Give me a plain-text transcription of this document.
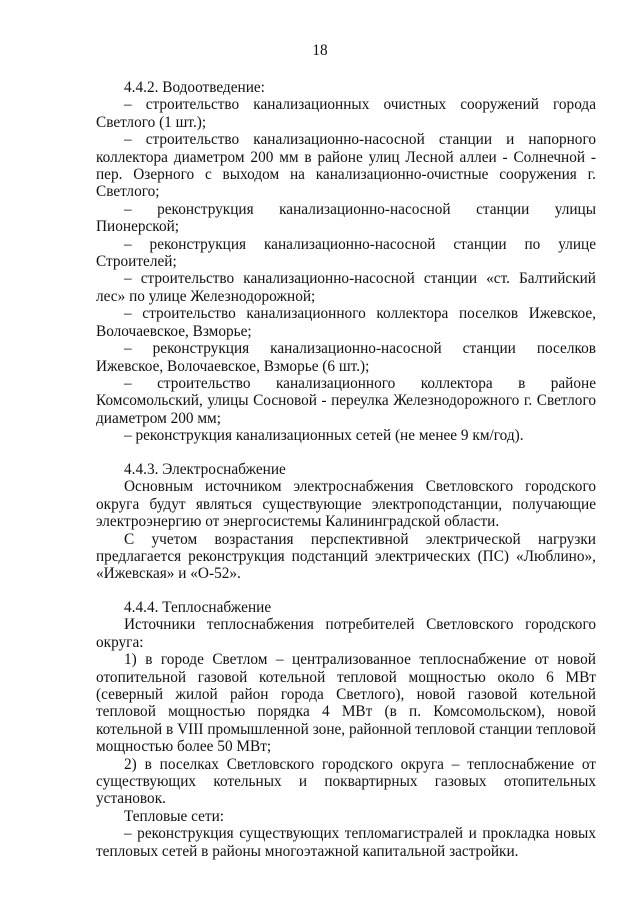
18

4.4.2. Водоотведение:

– строительство канализационных очистных сооружений города Светлого (1 шт.);

– строительство канализационно-насосной станции и напорного коллектора диаметром 200 мм в районе улиц Лесной аллеи - Солнечной - пер. Озерного с выходом на канализационно-очистные сооружения г. Светлого;

– реконструкция канализационно-насосной станции улицы Пионерской;

– реконструкция канализационно-насосной станции по улице Строителей;

– строительство канализационно-насосной станции «ст. Балтийский лес» по улице Железнодорожной;

– строительство канализационного коллектора поселков Ижевское, Волочаевское, Взморье;

– реконструкция канализационно-насосной станции поселков Ижевское, Волочаевское, Взморье (6 шт.);

– строительство канализационного коллектора в районе Комсомольский, улицы Сосновой - переулка Железнодорожного г. Светлого диаметром 200 мм;

– реконструкция канализационных сетей (не менее 9 км/год).

4.4.3. Электроснабжение

Основным источником электроснабжения Светловского городского округа будут являться существующие электроподстанции, получающие электроэнергию от энергосистемы Калининградской области.

С учетом возрастания перспективной электрической нагрузки предлагается реконструкция подстанций электрических (ПС) «Люблино», «Ижевская» и «О-52».

4.4.4. Теплоснабжение

Источники теплоснабжения потребителей Светловского городского округа:

1) в городе Светлом – централизованное теплоснабжение от новой отопительной газовой котельной тепловой мощностью около 6 МВт (северный жилой район города Светлого), новой газовой котельной тепловой мощностью порядка 4 МВт (в п. Комсомольском), новой котельной в VIII промышленной зоне, районной тепловой станции тепловой мощностью более 50 МВт;

2) в поселках Светловского городского округа – теплоснабжение от существующих котельных и поквартирных газовых отопительных установок.

Тепловые сети:

– реконструкция существующих тепломагистралей и прокладка новых тепловых сетей в районы многоэтажной капитальной застройки.
